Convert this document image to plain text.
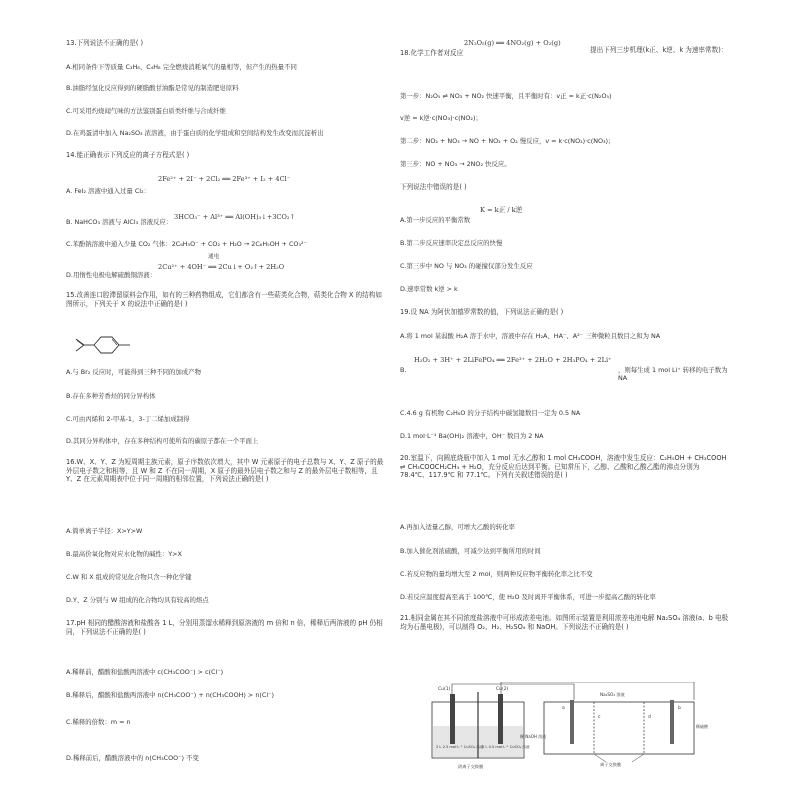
13.下列说法不正确的是( )
A.相同条件下等质量 C₃H₈、C₄H₈ 完全燃烧消耗氧气的量相等，但产生的热量不同
B.油脂经氢化反应得到的硬脂酸甘油酯是常见的制造肥皂原料
C.可采用灼烧闻气味的方法鉴别蛋白质类纤维与合成纤维
D.在鸡蛋清中加入 Na₂SO₄ 浓溶液，由于蛋白质的化学组成和空间结构发生改变而沉淀析出
14.能正确表示下列反应的离子方程式是( )
2Fe²⁺ + 2I⁻ + 2Cl₂ ══ 2Fe³⁺ + I₂ + 4Cl⁻
A. FeI₂ 溶液中通入过量 Cl₂：
3HCO₃⁻ + Al³⁺ ══ Al(OH)₃↓+3CO₂↑
B. NaHCO₃ 溶液与 AlCl₃ 溶液反应：
C.苯酚钠溶液中通入少量 CO₂ 气体：2C₆H₅O⁻ + CO₂ + H₂O → 2C₆H₅OH + CO₃²⁻
通电
2Cu²⁺ + 4OH⁻ ══ 2Cu↓+ O₂↑+ 2H₂O
D.用惰性电极电解硫酸铜溶液：
15.改善连口腔滞留原料会作用，如有的三种药物组成，它们都含有一些萜类化合物，萜类化合物 X 的结构如图所示，下列关于 X 的说法中正确的是( )
A.与 Br₂ 反应时，可能得到三种不同的加成产物
B.存在多种芳香烃的同分异构体
C.可由丙烯和 2-甲基-1，3-丁二烯加成制得
D.其同分异构体中，存在多种结构可使所有的碳原子都在一个平面上
16.W、X、Y、Z 为短周期主族元素，原子序数依次增大，其中 W 元素原子的电子总数与 X、Y、Z 原子的最外层电子数之和相等，且 W 和 Z 不在同一周期，X 原子的最外层电子数之和与 Z 的最外层电子数相等，且 Y、Z 在元素周期表中位于同一周期的相邻位置，下列说法正确的是( )
A.简单离子半径：X>Y>W
B.最高价氧化物对应水化物的碱性：Y>X
C.W 和 X 组成的常见化合物只含一种化学键
D.Y、Z 分别与 W 组成的化合物均具有较高的熔点
17.pH 相同的醋酸溶液和盐酸各 1 L，分别用蒸馏水稀释到原溶液的 m 倍和 n 倍，稀释后两溶液的 pH 仍相同，下列说法不正确的是( )
A.稀释前，醋酸和盐酸两溶液中 c(CH₃COO⁻) > c(Cl⁻)
B.稀释后，醋酸和盐酸两溶液中 n(CH₃COO⁻) + n(CH₃COOH) > n(Cl⁻)
C.稀释的倍数：m = n
D.稀释前后，醋酸溶液中的 n(CH₃COO⁻) 不变
2N₂O₅(g) ══ 4NO₂(g) + O₂(g)
18.化学工作者对反应	提出下列三步机理(k正、k逆、k 为速率常数)：
第一步：N₂O₅ ⇌ NO₃ + NO₂ 快速平衡，且平衡时有：v正 = k正·c(N₂O₅)
v逆 = k逆·c(NO₃)·c(NO₂)；
第二步：NO₂ + NO₃ → NO + NO₂ + O₂ 慢反应，v = k·c(NO₂)·c(NO₃)；
第三步：NO + NO₃ → 2NO₂ 快反应。
下列说法中错误的是( )
K = k正 / k逆
A.第一步反应的平衡常数
B.第二步反应速率决定总反应的快慢
C.第三步中 NO 与 NO₃ 的碰撞仅部分发生反应
D.速率常数 k逆 > k
19.设 NA 为阿伏加德罗常数的值，下列说法正确的是( )
A.将 1 mol 某弱酸 H₂A 溶于水中，溶液中存在 H₂A、HA⁻、A²⁻ 三种微粒且数目之和为 NA
H₂O₂ + 3H⁺ + 2LiFePO₄ ══ 2Fe³⁺ + 2H₂O + 2H₃PO₄ + 2Li⁺
B.	，则每生成 1 mol Li⁺ 转移的电子数为 NA
C.4.6 g 有机物 C₂H₆O 的分子结构中碳氢键数目一定为 0.5 NA
D.1 mol·L⁻¹ Ba(OH)₂ 溶液中，OH⁻ 数目为 2 NA
20.室温下，向圆底烧瓶中加入 1 mol 无水乙醇和 1 mol CH₃COOH，溶液中发生反应：C₂H₅OH + CH₃COOH ⇌ CH₃COOCH₂CH₃ + H₂O，充分反应后达到平衡。已知常压下，乙醇、乙酸和乙酸乙酯的沸点分别为 78.4℃、117.9℃ 和 77.1℃。下列有关叙述错误的是( )
A.再加入适量乙醇，可增大乙酸的转化率
B.加入催化剂浓硫酸，可减少达到平衡所用的时间
C.若反应物的量均增大至 2 mol，则两种反应物平衡转化率之比不变
D.若反应温度提高至高于 100℃，使 H₂O 及时离开平衡体系，可进一步提高乙酸的转化率
21.相同金属在其不同浓度盐溶液中可形成浓差电池。如图所示装置是利用浓差电池电解 Na₂SO₄ 溶液(a、b 电极均为石墨电极)，可以制得 O₂、H₂、H₂SO₄ 和 NaOH。下列说法不正确的是( )
Cu(1)	Cu(2)
2 L 2.5 mol·L⁻¹ CuSO₄ 溶液
2 L 0.5 mol·L⁻¹ CuSO₄ 溶液
阴离子交换膜
a	b
c	d
Na₂SO₄ 溶液
稀 NaOH 溶液
稀硫酸
离子交换膜
